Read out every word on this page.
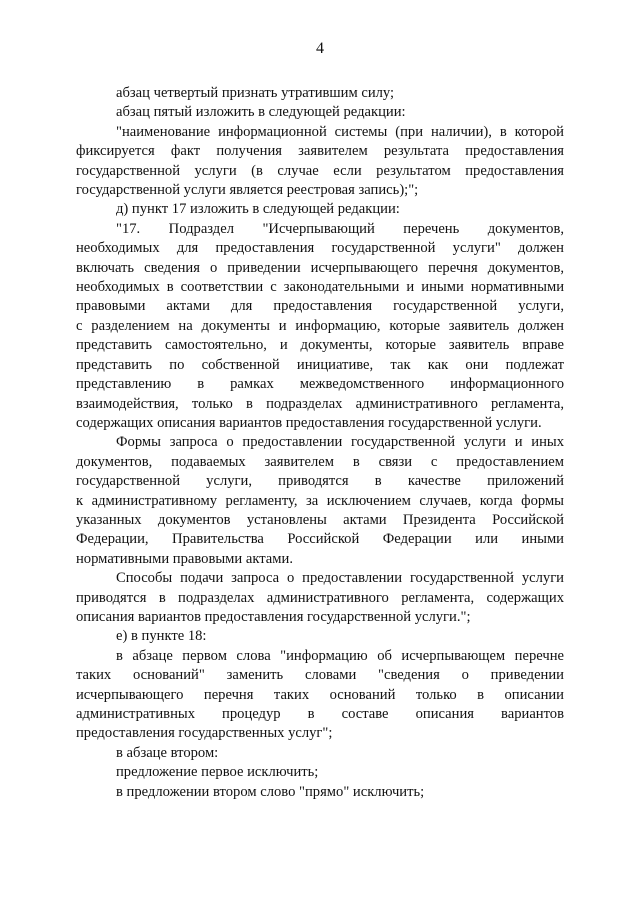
4
абзац четвертый признать утратившим силу;
абзац пятый изложить в следующей редакции:
"наименование информационной системы (при наличии), в которой
фиксируется факт получения заявителем результата предоставления
государственной услуги (в случае если результатом предоставления
государственной услуги является реестровая запись);";
д) пункт 17 изложить в следующей редакции:
"17. Подраздел "Исчерпывающий перечень документов,
необходимых для предоставления государственной услуги" должен
включать сведения о приведении исчерпывающего перечня документов,
необходимых в соответствии с законодательными и иными нормативными
правовыми актами для предоставления государственной услуги,
с разделением на документы и информацию, которые заявитель должен
представить самостоятельно, и документы, которые заявитель вправе
представить по собственной инициативе, так как они подлежат
представлению в рамках межведомственного информационного
взаимодействия, только в подразделах административного регламента,
содержащих описания вариантов предоставления государственной услуги.
Формы запроса о предоставлении государственной услуги и иных
документов, подаваемых заявителем в связи с предоставлением
государственной услуги, приводятся в качестве приложений
к административному регламенту, за исключением случаев, когда формы
указанных документов установлены актами Президента Российской
Федерации, Правительства Российской Федерации или иными
нормативными правовыми актами.
Способы подачи запроса о предоставлении государственной услуги
приводятся в подразделах административного регламента, содержащих
описания вариантов предоставления государственной услуги.";
е) в пункте 18:
в абзаце первом слова "информацию об исчерпывающем перечне
таких оснований" заменить словами "сведения о приведении
исчерпывающего перечня таких оснований только в описании
административных процедур в составе описания вариантов
предоставления государственных услуг";
в абзаце втором:
предложение первое исключить;
в предложении втором слово "прямо" исключить;
